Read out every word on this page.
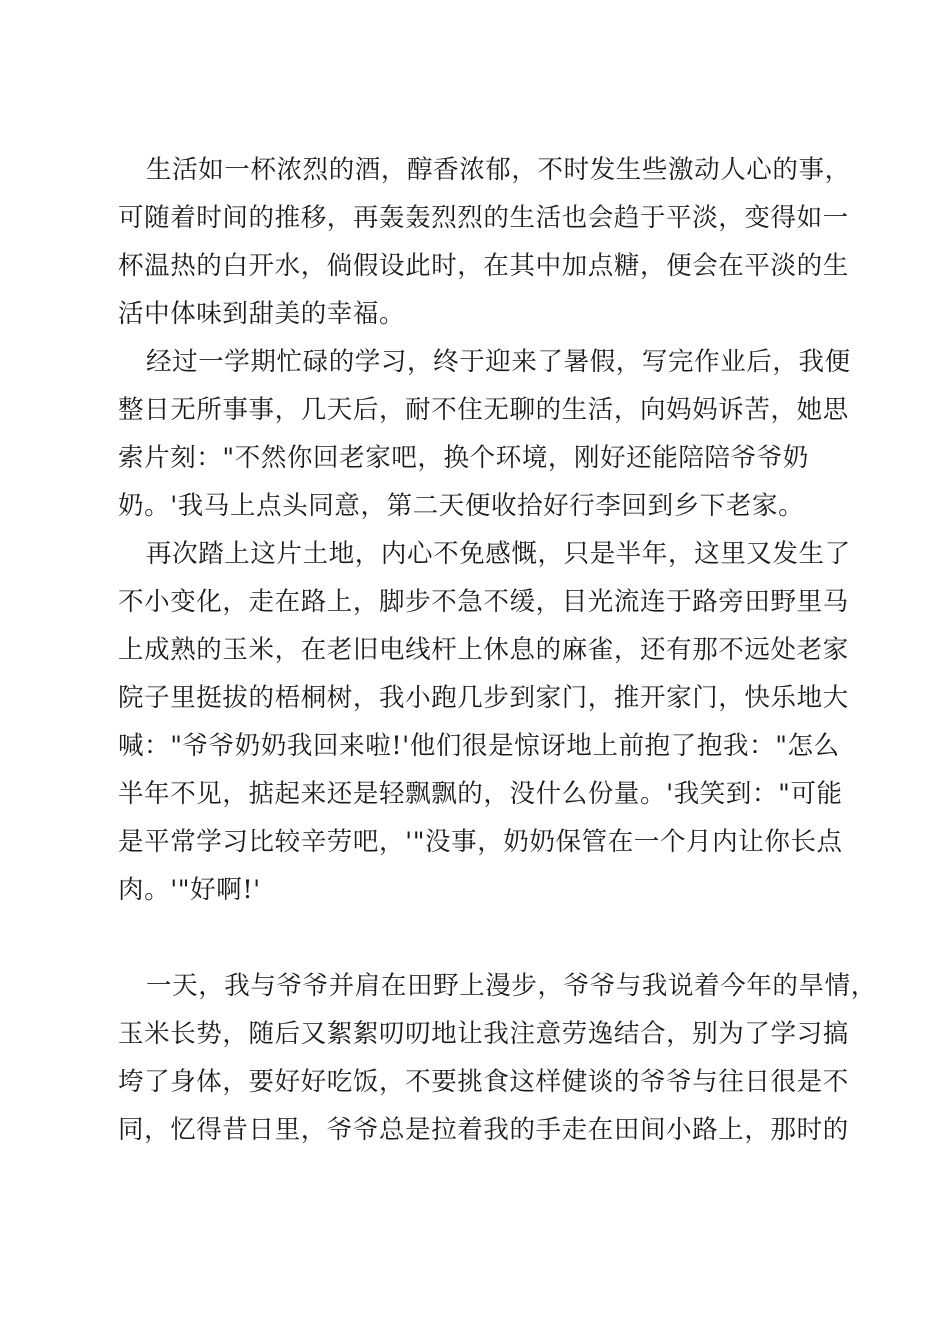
生活如一杯浓烈的酒，醇香浓郁，不时发生些激动人心的事，
可随着时间的推移，再轰轰烈烈的生活也会趋于平淡，变得如一
杯温热的白开水，倘假设此时，在其中加点糖，便会在平淡的生
活中体味到甜美的幸福。
经过一学期忙碌的学习，终于迎来了暑假，写完作业后，我便
整日无所事事，几天后，耐不住无聊的生活，向妈妈诉苦，她思
索片刻："不然你回老家吧，换个环境，刚好还能陪陪爷爷奶
奶。'我马上点头同意，第二天便收拾好行李回到乡下老家。
再次踏上这片土地，内心不免感慨，只是半年，这里又发生了
不小变化，走在路上，脚步不急不缓，目光流连于路旁田野里马
上成熟的玉米，在老旧电线杆上休息的麻雀，还有那不远处老家
院子里挺拔的梧桐树，我小跑几步到家门，推开家门，快乐地大
喊："爷爷奶奶我回来啦!'他们很是惊讶地上前抱了抱我："怎么
半年不见，掂起来还是轻飘飘的，没什么份量。'我笑到："可能
是平常学习比较辛劳吧，'"没事，奶奶保管在一个月内让你长点
肉。'"好啊!'
一天，我与爷爷并肩在田野上漫步，爷爷与我说着今年的旱情，
玉米长势，随后又絮絮叨叨地让我注意劳逸结合，别为了学习搞
垮了身体，要好好吃饭，不要挑食这样健谈的爷爷与往日很是不
同，忆得昔日里，爷爷总是拉着我的手走在田间小路上，那时的
